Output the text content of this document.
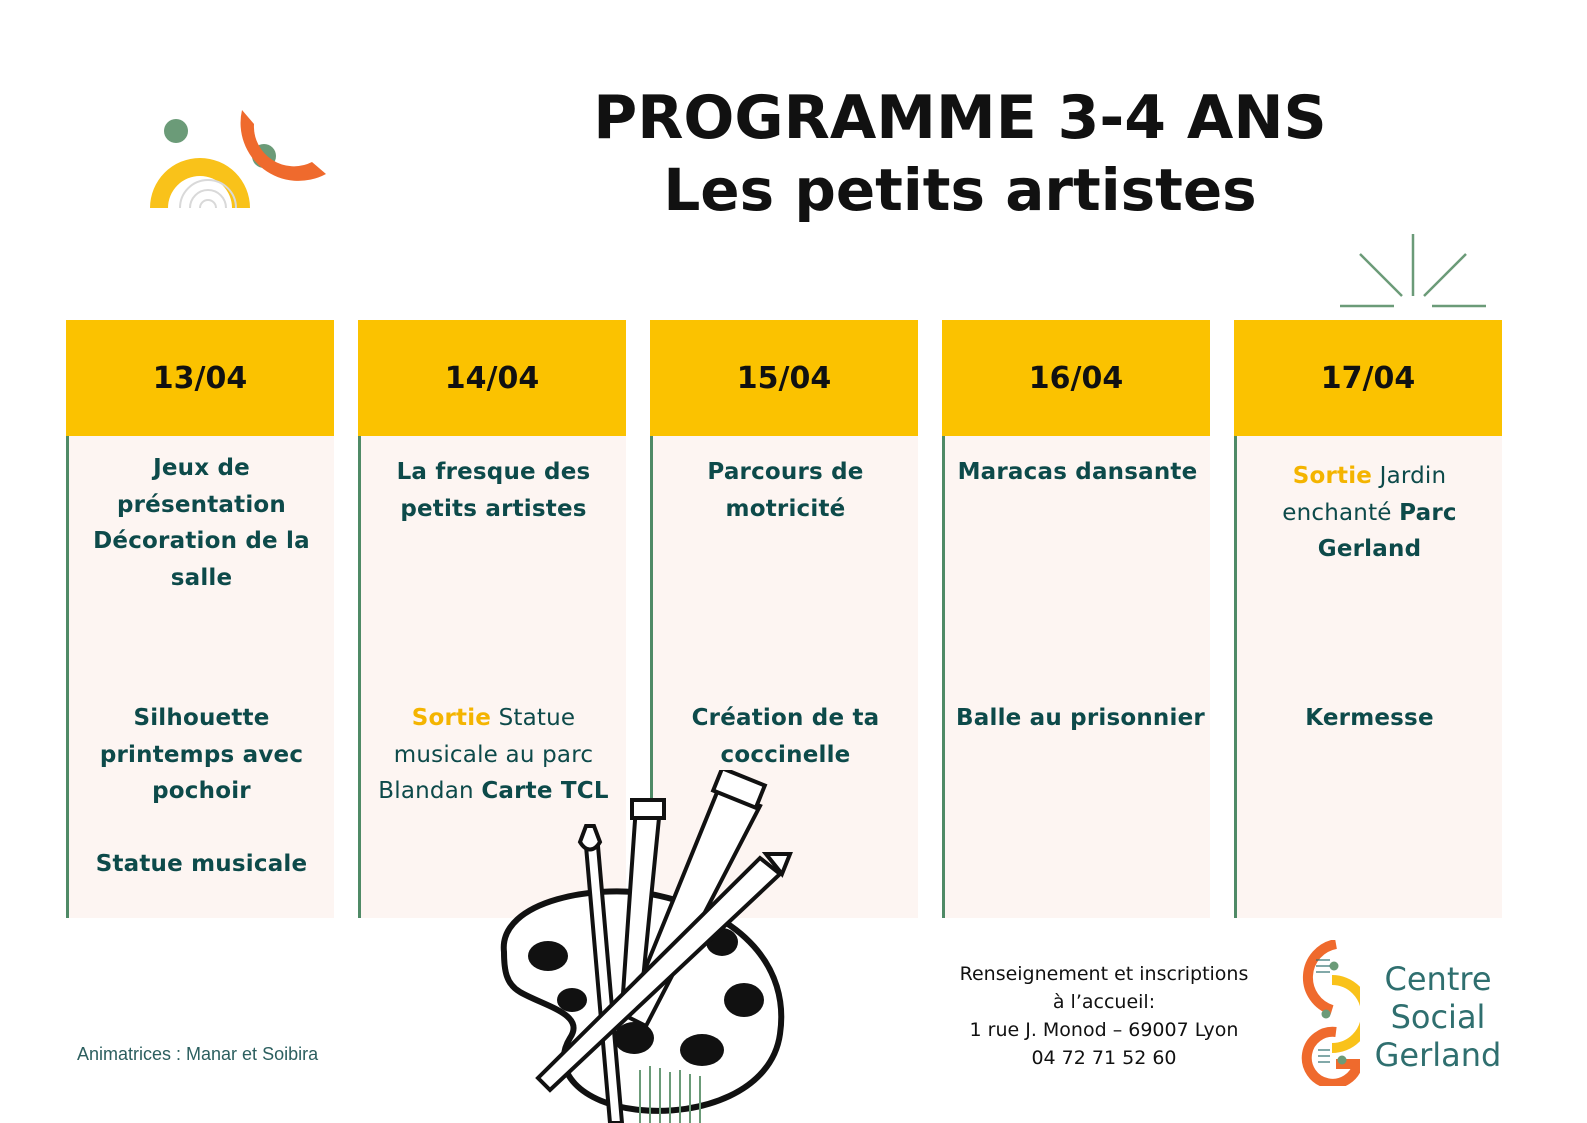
PROGRAMME 3-4 ANS
Les petits artistes
13/04
Jeux de présentation Décoration de la salle
Silhouette printemps avec pochoir
Statue musicale
14/04
La fresque des petits artistes
Sortie Statue musicale au parc Blandan Carte TCL
15/04
Parcours de motricité
Création de ta coccinelle
16/04
Maracas dansante
Balle au prisonnier
17/04
Sortie Jardin enchanté Parc Gerland
Kermesse
Animatrices : Manar et Soibira
Renseignement et inscriptions
à l’accueil:
1 rue J. Monod – 69007 Lyon
04 72 71 52 60
Centre
Social
Gerland
